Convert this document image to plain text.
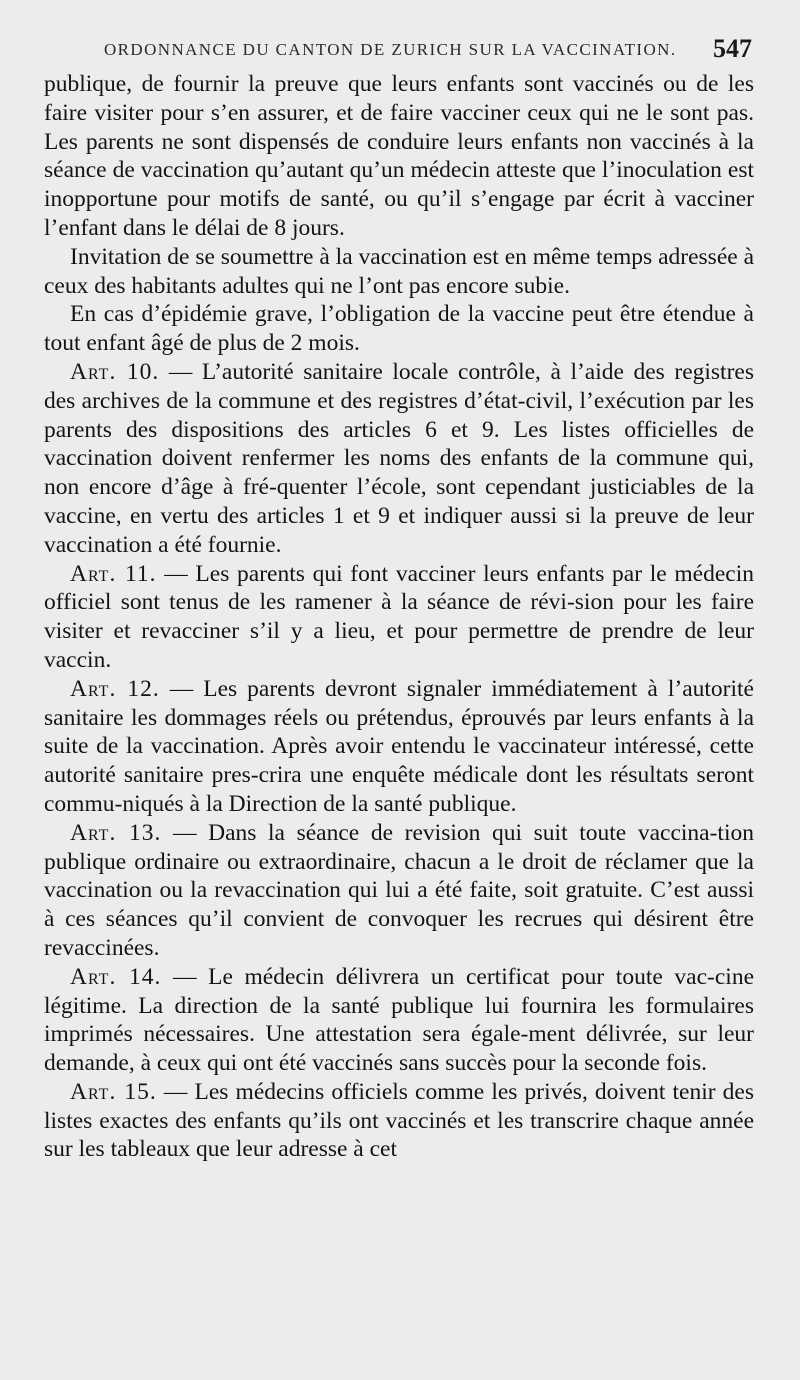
ORDONNANCE DU CANTON DE ZURICH SUR LA VACCINATION. 547

publique, de fournir la preuve que leurs enfants sont vaccinés ou de les faire visiter pour s’en assurer, et de faire vacciner ceux qui ne le sont pas. Les parents ne sont dispensés de conduire leurs enfants non vaccinés à la séance de vaccination qu’autant qu’un médecin atteste que l’inoculation est inopportune pour motifs de santé, ou qu’il s’engage par écrit à vacciner l’enfant dans le délai de 8 jours.

Invitation de se soumettre à la vaccination est en même temps adressée à ceux des habitants adultes qui ne l’ont pas encore subie.

En cas d’épidémie grave, l’obligation de la vaccine peut être étendue à tout enfant âgé de plus de 2 mois.

Art. 10. — L’autorité sanitaire locale contrôle, à l’aide des registres des archives de la commune et des registres d’état-civil, l’exécution par les parents des dispositions des articles 6 et 9. Les listes officielles de vaccination doivent renfermer les noms des enfants de la commune qui, non encore d’âge à fré-quenter l’école, sont cependant justiciables de la vaccine, en vertu des articles 1 et 9 et indiquer aussi si la preuve de leur vaccination a été fournie.

Art. 11. — Les parents qui font vacciner leurs enfants par le médecin officiel sont tenus de les ramener à la séance de révi-sion pour les faire visiter et revacciner s’il y a lieu, et pour permettre de prendre de leur vaccin.

Art. 12. — Les parents devront signaler immédiatement à l’autorité sanitaire les dommages réels ou prétendus, éprouvés par leurs enfants à la suite de la vaccination. Après avoir entendu le vaccinateur intéressé, cette autorité sanitaire pres-crira une enquête médicale dont les résultats seront commu-niqués à la Direction de la santé publique.

Art. 13. — Dans la séance de revision qui suit toute vaccina-tion publique ordinaire ou extraordinaire, chacun a le droit de réclamer que la vaccination ou la revaccination qui lui a été faite, soit gratuite. C’est aussi à ces séances qu’il convient de convoquer les recrues qui désirent être revaccinées.

Art. 14. — Le médecin délivrera un certificat pour toute vac-cine légitime. La direction de la santé publique lui fournira les formulaires imprimés nécessaires. Une attestation sera égale-ment délivrée, sur leur demande, à ceux qui ont été vaccinés sans succès pour la seconde fois.

Art. 15. — Les médecins officiels comme les privés, doivent tenir des listes exactes des enfants qu’ils ont vaccinés et les transcrire chaque année sur les tableaux que leur adresse à cet
